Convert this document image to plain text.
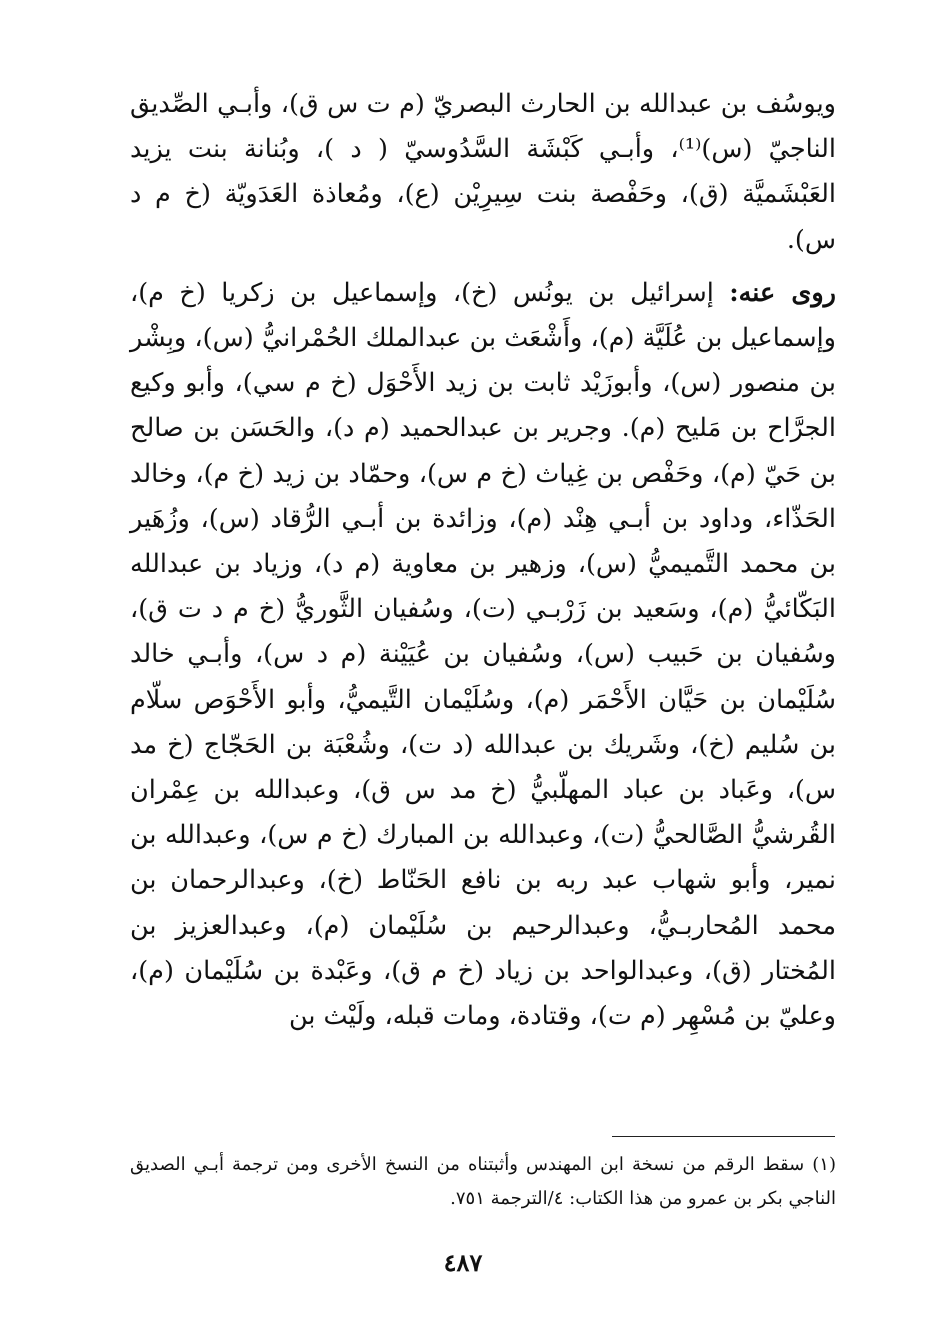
ويوسُف بن عبدالله بن الحارث البصريّ (م ت س ق)، وأبـي الصِّديق الناجيّ (س)⁽¹⁾، وأبـي كَبْشَة السَّدُوسيّ ( د )، وبُنانة بنت يزيد العَبْشَميَّة (ق)، وحَفْصة بنت سِيرِيْن (ع)، ومُعاذة العَدَويّة (خ م د س).

روى عنه: إسرائيل بن يونُس (خ)، وإسماعيل بن زكريا (خ م)، وإسماعيل بن عُلَيَّة (م)، وأَشْعَث بن عبدالملك الحُمْرانيُّ (س)، وبِشْر بن منصور (س)، وأبوزَيْد ثابت بن زيد الأَحْوَل (خ م سي)، وأبو وكيع الجرَّاح بن مَليح (م). وجرير بن عبدالحميد (م د)، والحَسَن بن صالح بن حَيّ (م)، وحَفْص بن غِياث (خ م س)، وحمّاد بن زيد (خ م)، وخالد الحَذّاء، وداود بن أبـي هِنْد (م)، وزائدة بن أبـي الرُّقاد (س)، وزُهَير بن محمد التَّميميُّ (س)، وزهير بن معاوية (م د)، وزياد بن عبدالله البَكّائيُّ (م)، وسَعيد بن زَرْبـي (ت)، وسُفيان الثَّوريُّ (خ م د ت ق)، وسُفيان بن حَبيب (س)، وسُفيان بن عُيَيْنة (م د س)، وأبـي خالد سُلَيْمان بن حَيَّان الأَحْمَر (م)، وسُلَيْمان التَّيميُّ، وأبو الأَحْوَص سلّام بن سُليم (خ)، وشَريك بن عبدالله (د ت)، وشُعْبَة بن الحَجّاج (خ مد س)، وعَباد بن عباد المهلّبيُّ (خ مد س ق)، وعبدالله بن عِمْران القُرشيُّ الصَّالحيُّ (ت)، وعبدالله بن المبارك (خ م س)، وعبدالله بن نمير، وأبو شهاب عبد ربه بن نافع الحَنّاط (خ)، وعبدالرحمان بن محمد المُحاربـيُّ، وعبدالرحيم بن سُلَيْمان (م)، وعبدالعزيز بن المُختار (ق)، وعبدالواحد بن زياد (خ م ق)، وعَبْدة بن سُلَيْمان (م)، وعليّ بن مُسْهِر (م ت)، وقتادة، ومات قبله، ولَيْث بن

(١) سقط الرقم من نسخة ابن المهندس وأثبتناه من النسخ الأخرى ومن ترجمة أبـي الصديق الناجي بكر بن عمرو من هذا الكتاب: ٤/الترجمة ٧٥١.

٤٨٧
